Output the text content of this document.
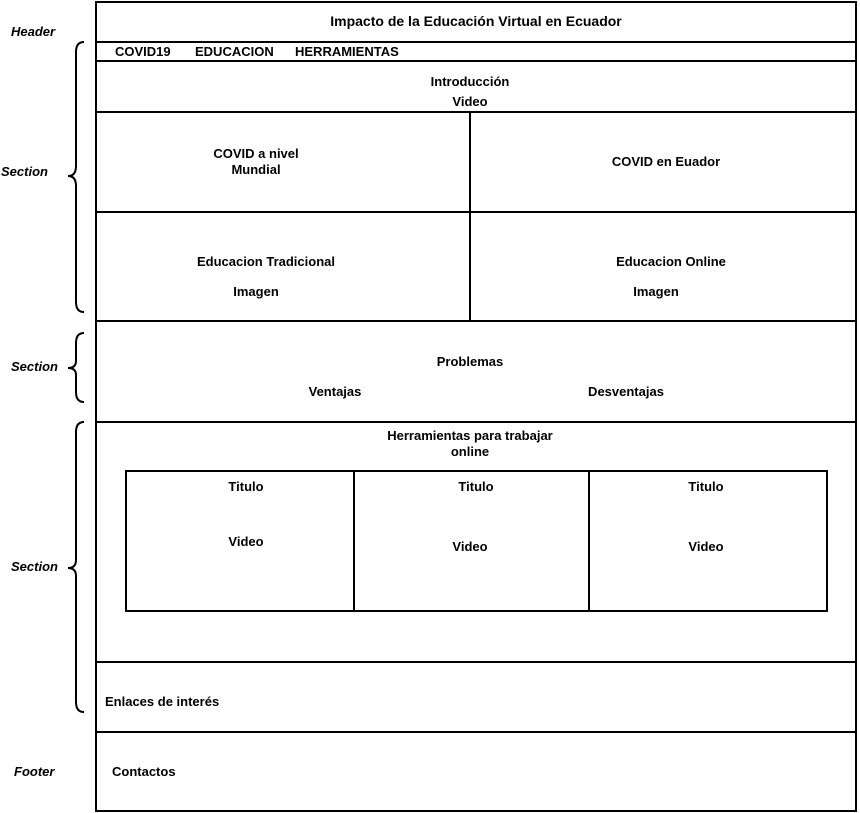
Header
Section
Section
Section
Footer
Impacto de la Educación Virtual en Ecuador
COVID19 EDUCACION HERRAMIENTAS
Introducción
Video
COVID a nivel
Mundial
COVID en Euador
Educacion Tradicional
Imagen
Educacion Online
Imagen
Problemas
Ventajas	Desventajas
Herramientas para trabajar
online
Titulo
Video
Titulo
Video
Titulo
Video
Enlaces de interés
Contactos
